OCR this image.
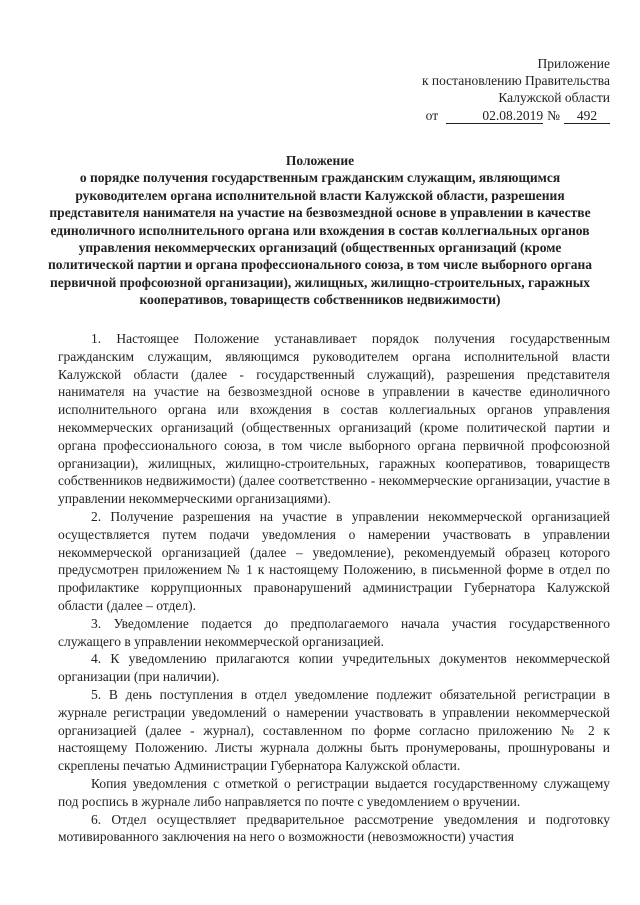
Приложение
к постановлению Правительства
Калужской области
от	02.08.2019 № 492
Положение
о порядке получения государственным гражданским служащим, являющимся руководителем органа исполнительной власти Калужской области, разрешения представителя нанимателя на участие на безвозмездной основе в управлении в качестве единоличного исполнительного органа или вхождения в состав коллегиальных органов управления некоммерческих организаций (общественных организаций (кроме политической партии и органа профессионального союза, в том числе выборного органа первичной профсоюзной организации), жилищных, жилищно-строительных, гаражных кооперативов, товариществ собственников недвижимости)

1. Настоящее Положение устанавливает порядок получения государственным гражданским служащим, являющимся руководителем органа исполнительной власти Калужской области (далее - государственный служащий), разрешения представителя нанимателя на участие на безвозмездной основе в управлении в качестве единоличного исполнительного органа или вхождения в состав коллегиальных органов управления некоммерческих организаций (общественных организаций (кроме политической партии и органа профессионального союза, в том числе выборного органа первичной профсоюзной организации), жилищных, жилищно-строительных, гаражных кооперативов, товариществ собственников недвижимости) (далее соответственно - некоммерческие организации, участие в управлении некоммерческими организациями).

2. Получение разрешения на участие в управлении некоммерческой организацией осуществляется путем подачи уведомления о намерении участвовать в управлении некоммерческой организацией (далее – уведомление), рекомендуемый образец которого предусмотрен приложением № 1 к настоящему Положению, в письменной форме в отдел по профилактике коррупционных правонарушений администрации Губернатора Калужской области (далее – отдел).

3. Уведомление подается до предполагаемого начала участия государственного служащего в управлении некоммерческой организацией.

4. К уведомлению прилагаются копии учредительных документов некоммерческой организации (при наличии).

5. В день поступления в отдел уведомление подлежит обязательной регистрации в журнале регистрации уведомлений о намерении участвовать в управлении некоммерческой организацией (далее - журнал), составленном по форме согласно приложению № 2 к настоящему Положению. Листы журнала должны быть пронумерованы, прошнурованы и скреплены печатью Администрации Губернатора Калужской области.

Копия уведомления с отметкой о регистрации выдается государственному служащему под роспись в журнале либо направляется по почте с уведомлением о вручении.

6. Отдел осуществляет предварительное рассмотрение уведомления и подготовку мотивированного заключения на него о возможности (невозможности) участия
